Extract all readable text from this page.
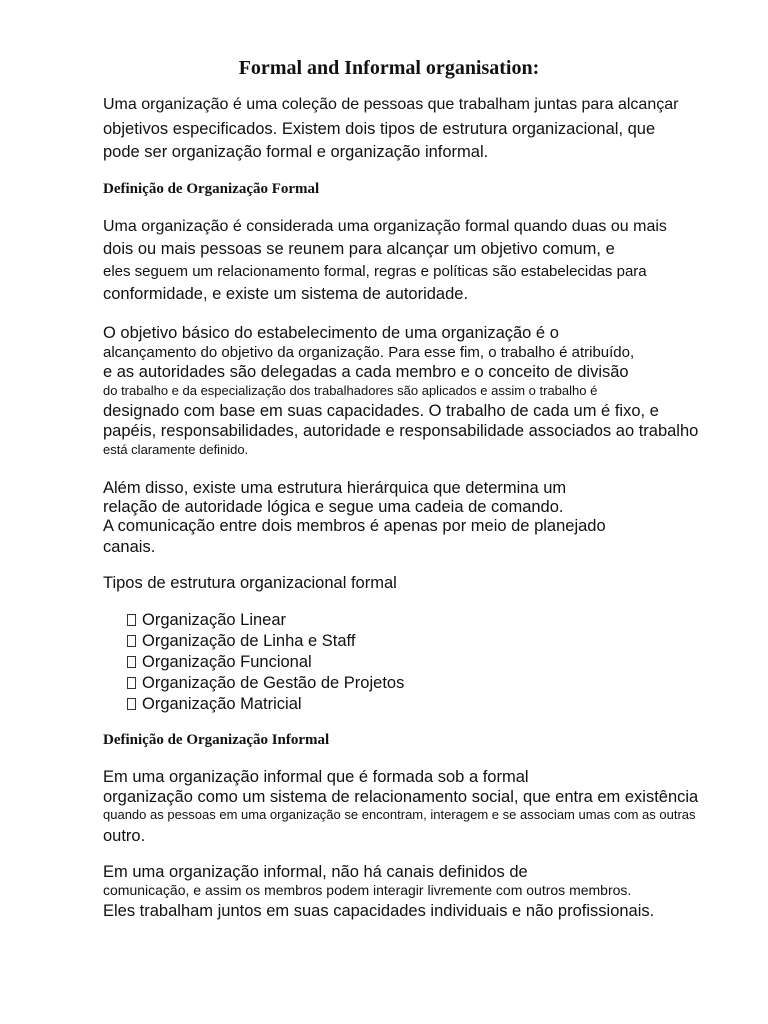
Formal and Informal organisation:
Uma organização é uma coleção de pessoas que trabalham juntas para alcançar
objetivos especificados. Existem dois tipos de estrutura organizacional, que
pode ser organização formal e organização informal.
Definição de Organização Formal
Uma organização é considerada uma organização formal quando duas ou mais
dois ou mais pessoas se reunem para alcançar um objetivo comum, e
eles seguem um relacionamento formal, regras e políticas são estabelecidas para
conformidade, e existe um sistema de autoridade.
O objetivo básico do estabelecimento de uma organização é o
alcançamento do objetivo da organização. Para esse fim, o trabalho é atribuído,
e as autoridades são delegadas a cada membro e o conceito de divisão
do trabalho e da especialização dos trabalhadores são aplicados e assim o trabalho é
designado com base em suas capacidades. O trabalho de cada um é fixo, e
papéis, responsabilidades, autoridade e responsabilidade associados ao trabalho
está claramente definido.
Além disso, existe uma estrutura hierárquica que determina um
relação de autoridade lógica e segue uma cadeia de comando.
A comunicação entre dois membros é apenas por meio de planejado
canais.
Tipos de estrutura organizacional formal
Organização Linear
Organização de Linha e Staff
Organização Funcional
Organização de Gestão de Projetos
Organização Matricial
Definição de Organização Informal
Em uma organização informal que é formada sob a formal
organização como um sistema de relacionamento social, que entra em existência
quando as pessoas em uma organização se encontram, interagem e se associam umas com as outras
outro.
Em uma organização informal, não há canais definidos de
comunicação, e assim os membros podem interagir livremente com outros membros.
Eles trabalham juntos em suas capacidades individuais e não profissionais.
